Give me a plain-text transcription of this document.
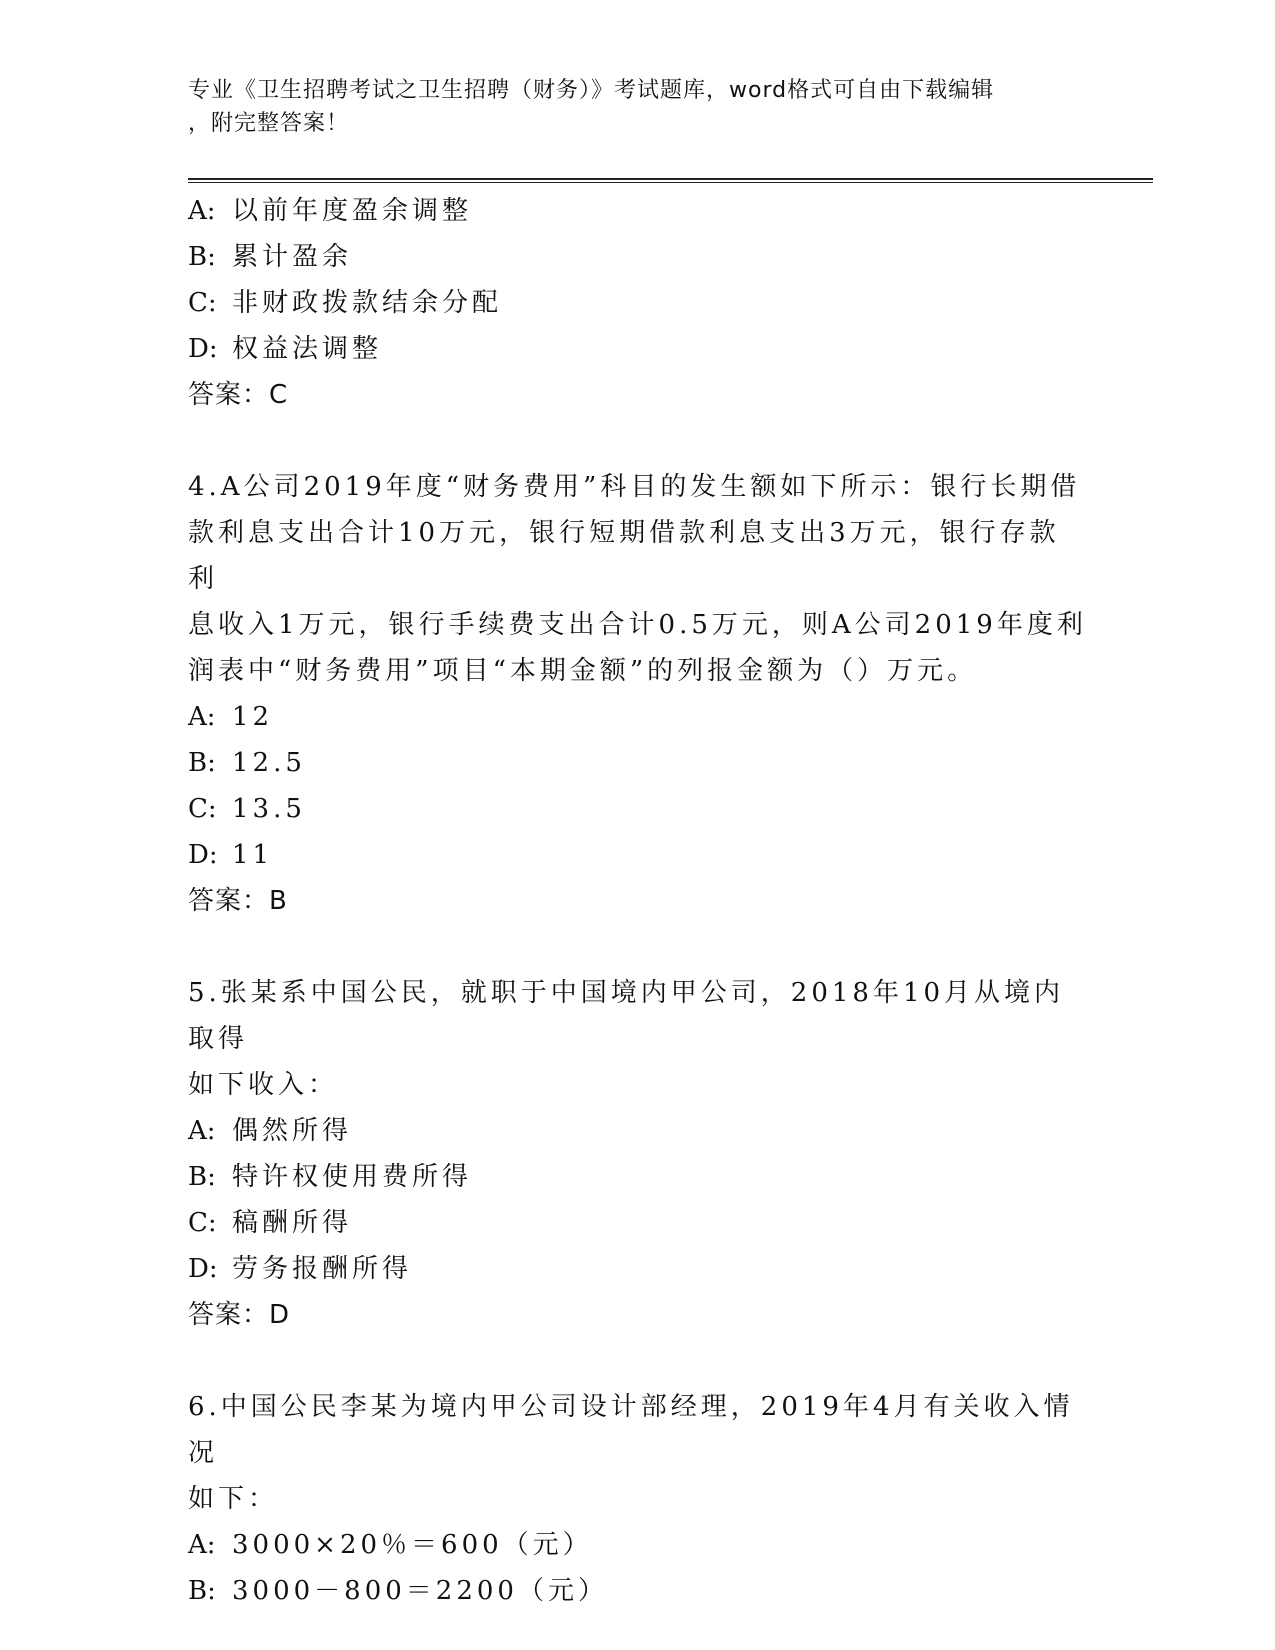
专业《卫生招聘考试之卫生招聘（财务）》考试题库，word格式可自由下载编辑
，附完整答案！
A: 以前年度盈余调整
B: 累计盈余
C: 非财政拨款结余分配
D: 权益法调整
答案：C
4.A公司2019年度“财务费用”科目的发生额如下所示：银行长期借
款利息支出合计10万元，银行短期借款利息支出3万元，银行存款利
息收入1万元，银行手续费支出合计0.5万元，则A公司2019年度利
润表中“财务费用”项目“本期金额”的列报金额为（）万元。
A: 12
B: 12.5
C: 13.5
D: 11
答案：B
5.张某系中国公民，就职于中国境内甲公司，2018年10月从境内取得
如下收入：
A: 偶然所得
B: 特许权使用费所得
C: 稿酬所得
D: 劳务报酬所得
答案：D
6.中国公民李某为境内甲公司设计部经理，2019年4月有关收入情况
如下：
A: 3000×20％＝600（元）
B: 3000－800＝2200（元）
